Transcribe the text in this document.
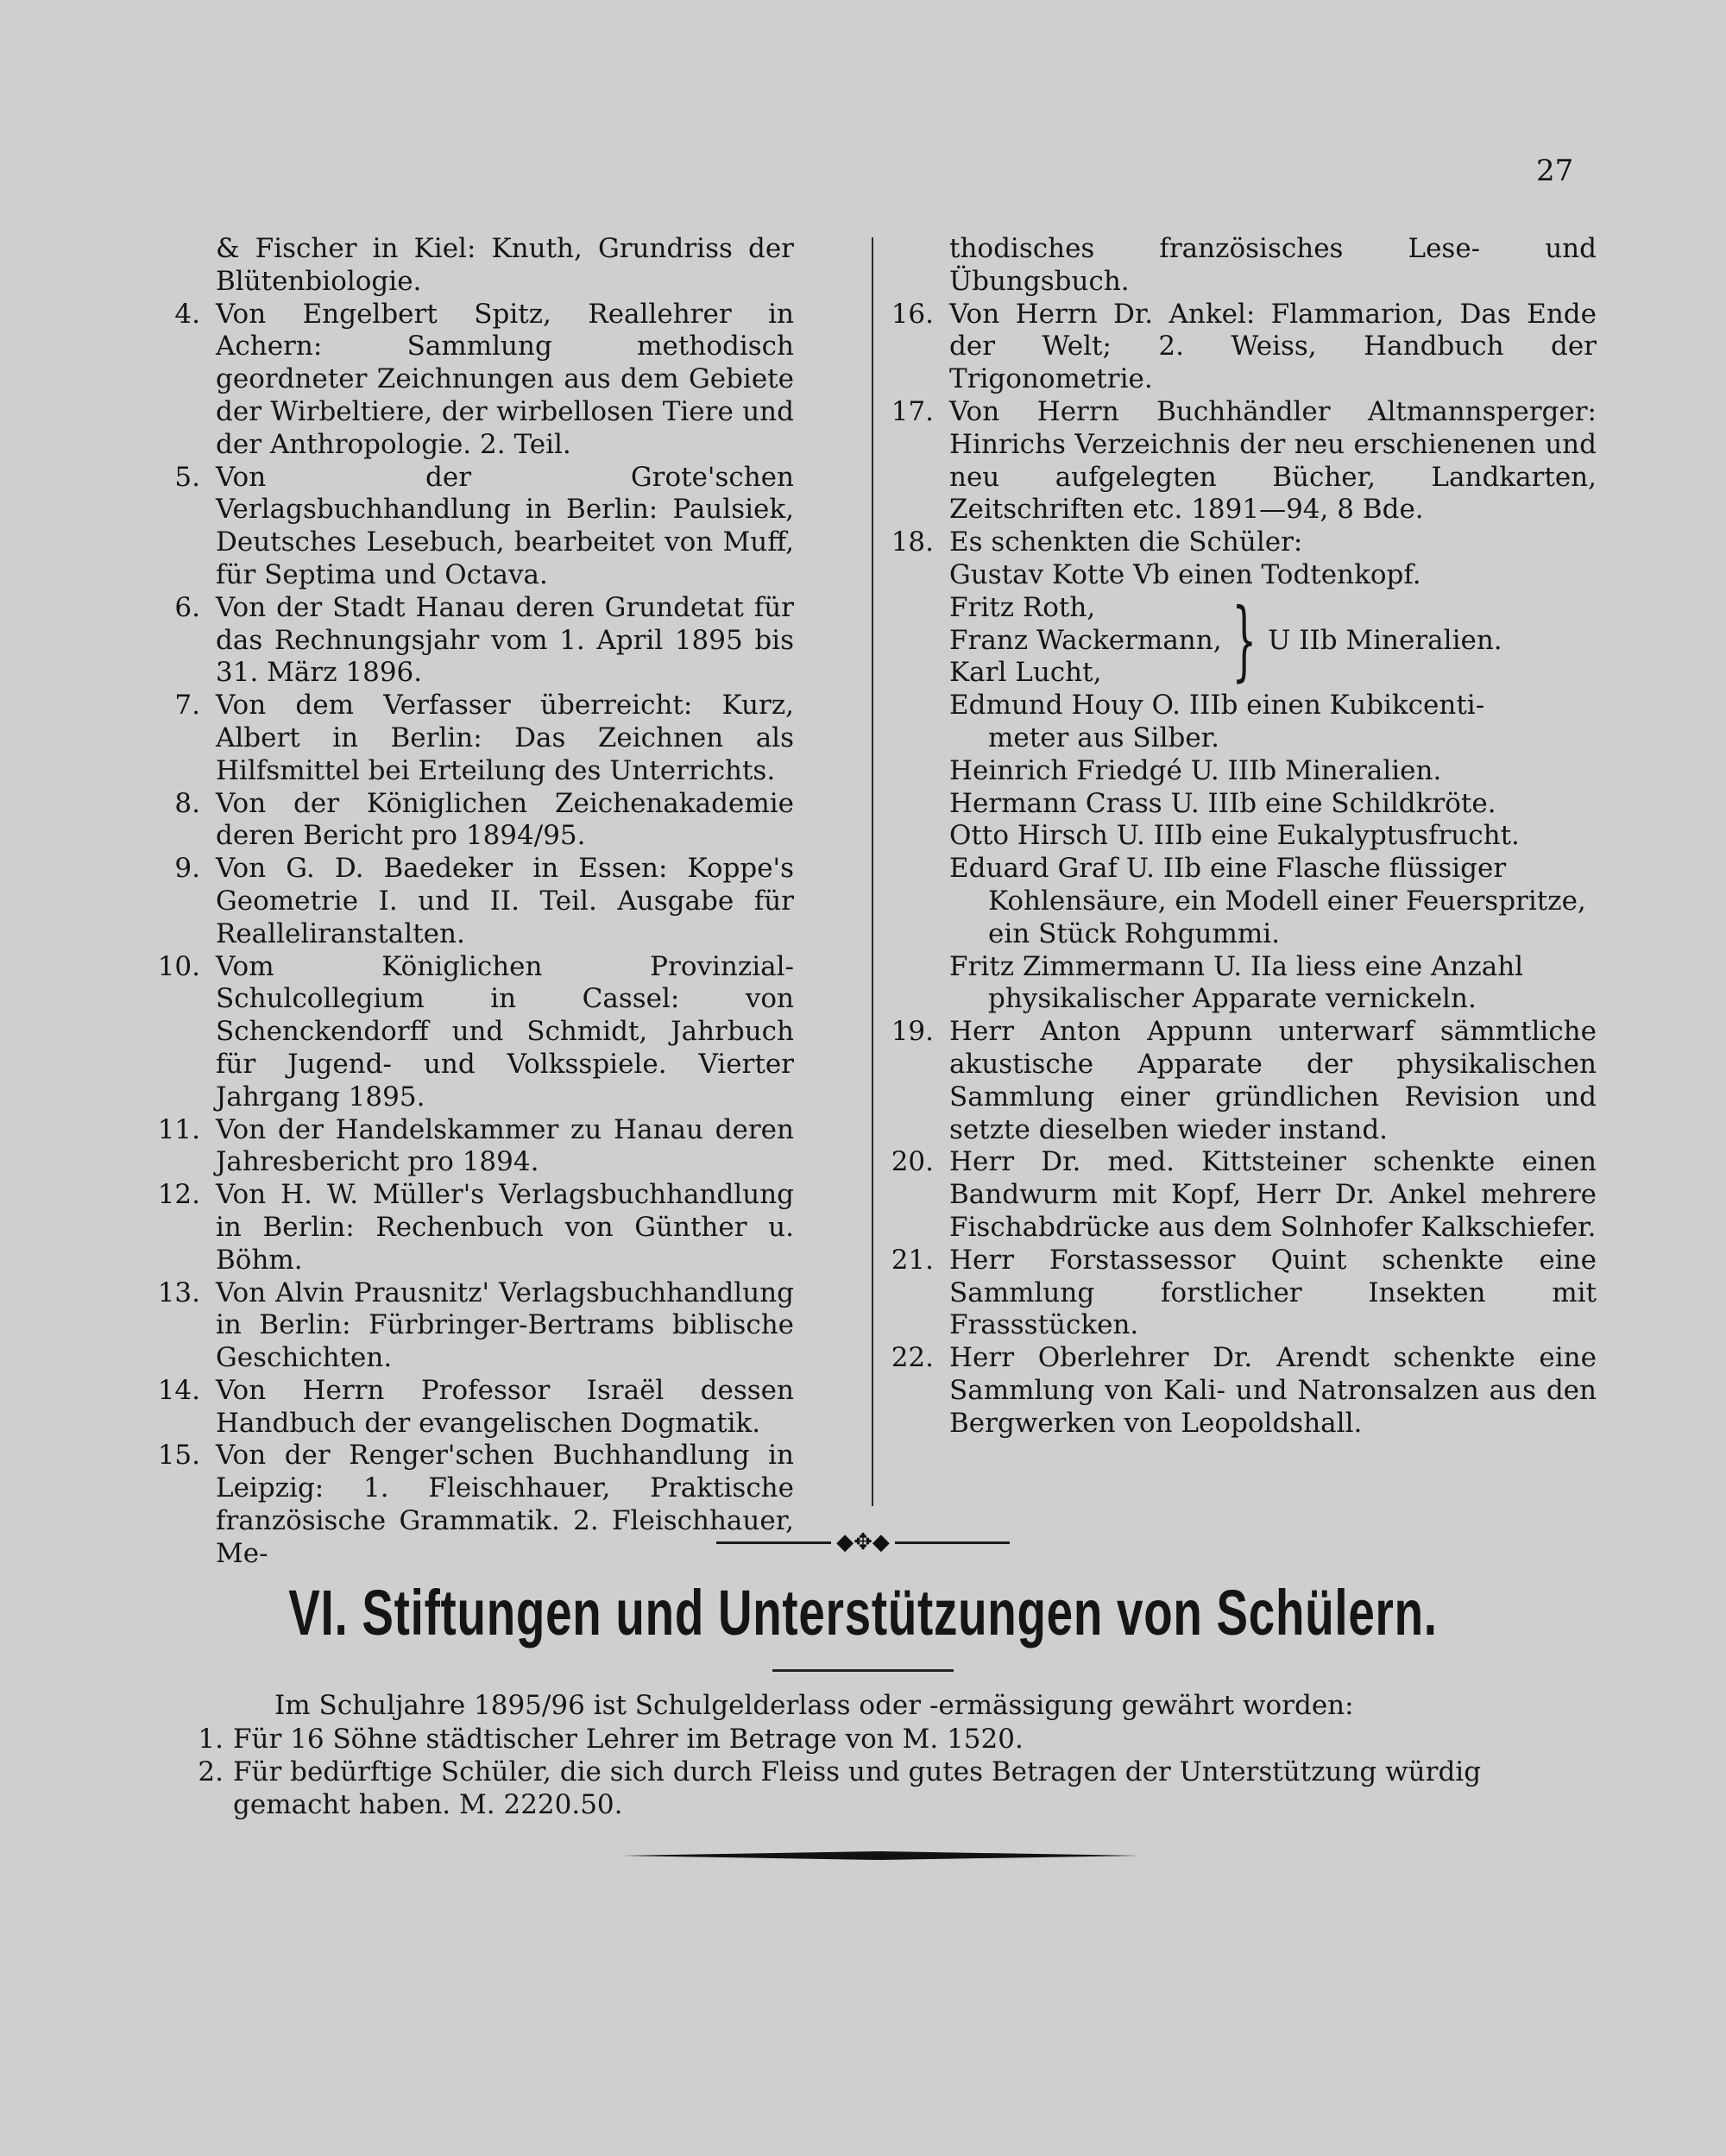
27
& Fischer in Kiel: Knuth, Grundriss der Blütenbiologie.
4. Von Engelbert Spitz, Reallehrer in Achern: Sammlung methodisch geordneter Zeichnungen aus dem Gebiete der Wirbeltiere, der wirbellosen Tiere und der Anthropologie. 2. Teil.
5. Von der Grote'schen Verlagsbuchhandlung in Berlin: Paulsiek, Deutsches Lesebuch, bearbeitet von Muff, für Septima und Octava.
6. Von der Stadt Hanau deren Grundetat für das Rechnungsjahr vom 1. April 1895 bis 31. März 1896.
7. Von dem Verfasser überreicht: Kurz, Albert in Berlin: Das Zeichnen als Hilfsmittel bei Erteilung des Unterrichts.
8. Von der Königlichen Zeichenakademie deren Bericht pro 1894/95.
9. Von G. D. Baedeker in Essen: Koppe's Geometrie I. und II. Teil. Ausgabe für Realleliranstalten.
10. Vom Königlichen Provinzial-Schulcollegium in Cassel: von Schenckendorff und Schmidt, Jahrbuch für Jugend- und Volksspiele. Vierter Jahrgang 1895.
11. Von der Handelskammer zu Hanau deren Jahresbericht pro 1894.
12. Von H. W. Müller's Verlagsbuchhandlung in Berlin: Rechenbuch von Günther u. Böhm.
13. Von Alvin Prausnitz' Verlagsbuchhandlung in Berlin: Fürbringer-Bertrams biblische Geschichten.
14. Von Herrn Professor Israël dessen Handbuch der evangelischen Dogmatik.
15. Von der Renger'schen Buchhandlung in Leipzig: 1. Fleischhauer, Praktische französische Grammatik. 2. Fleischhauer, Me-
thodisches französisches Lese- und Übungsbuch.
16. Von Herrn Dr. Ankel: Flammarion, Das Ende der Welt; 2. Weiss, Handbuch der Trigonometrie.
17. Von Herrn Buchhändler Altmannsperger: Hinrichs Verzeichnis der neu erschienenen und neu aufgelegten Bücher, Landkarten, Zeitschriften etc. 1891—94, 8 Bde.
18. Es schenkten die Schüler:
Gustav Kotte Vb einen Todtenkopf.
Fritz Roth,
Franz Wackermann,
Karl Lucht,	} U IIb Mineralien.
Edmund Houy O. IIIb einen Kubikcenti-
meter aus Silber.
Heinrich Friedgé U. IIIb Mineralien.
Hermann Crass U. IIIb eine Schildkröte.
Otto Hirsch U. IIIb eine Eukalyptusfrucht.
Eduard Graf U. IIb eine Flasche flüssiger
Kohlensäure, ein Modell einer Feuerspritze,
ein Stück Rohgummi.
Fritz Zimmermann U. IIa liess eine Anzahl
physikalischer Apparate vernickeln.
19. Herr Anton Appunn unterwarf sämmtliche akustische Apparate der physikalischen Sammlung einer gründlichen Revision und setzte dieselben wieder instand.
20. Herr Dr. med. Kittsteiner schenkte einen Bandwurm mit Kopf, Herr Dr. Ankel mehrere Fischabdrücke aus dem Solnhofer Kalkschiefer.
21. Herr Forstassessor Quint schenkte eine Sammlung forstlicher Insekten mit Frassstücken.
22. Herr Oberlehrer Dr. Arendt schenkte eine Sammlung von Kali- und Natronsalzen aus den Bergwerken von Leopoldshall.
◆✥◆
VI. Stiftungen und Unterstützungen von Schülern.
Im Schuljahre 1895/96 ist Schulgelderlass oder -ermässigung gewährt worden:
1. Für 16 Söhne städtischer Lehrer im Betrage von M. 1520.
2. Für bedürftige Schüler, die sich durch Fleiss und gutes Betragen der Unterstützung würdig gemacht haben. M. 2220.50.
